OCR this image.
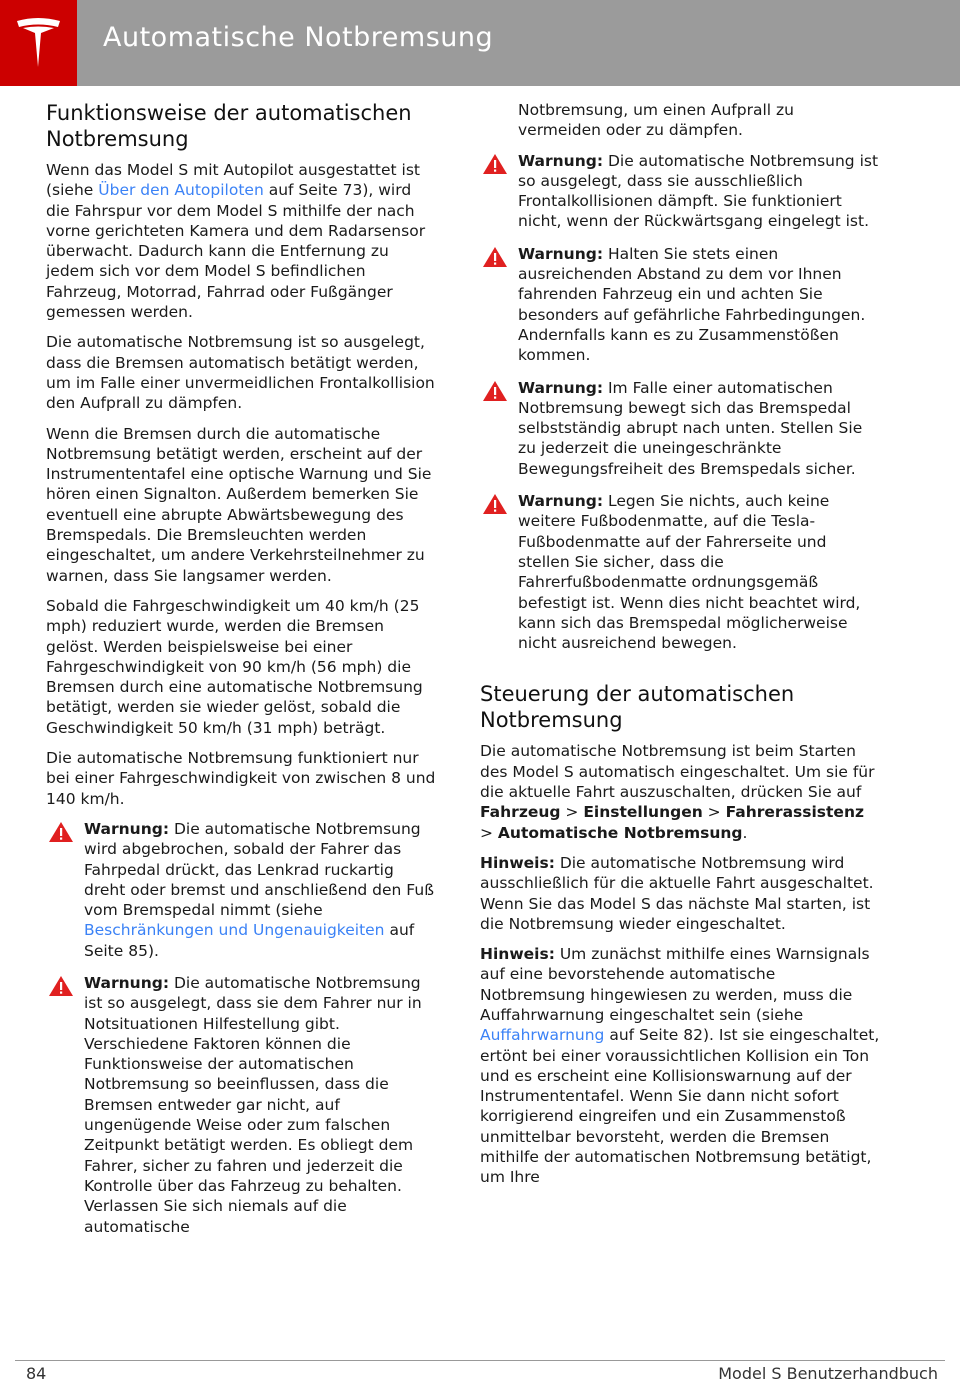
Automatische Notbremsung
Funktionsweise der automatischen Notbremsung

Wenn das Model S mit Autopilot ausgestattet ist (siehe Über den Autopiloten auf Seite 73), wird die Fahrspur vor dem Model S mithilfe der nach vorne gerichteten Kamera und dem Radarsensor überwacht. Dadurch kann die Entfernung zu jedem sich vor dem Model S befindlichen Fahrzeug, Motorrad, Fahrrad oder Fußgänger gemessen werden.

Die automatische Notbremsung ist so ausgelegt, dass die Bremsen automatisch betätigt werden, um im Falle einer unvermeidlichen Frontalkollision den Aufprall zu dämpfen.

Wenn die Bremsen durch die automatische Notbremsung betätigt werden, erscheint auf der Instrumententafel eine optische Warnung und Sie hören einen Signalton. Außerdem bemerken Sie eventuell eine abrupte Abwärtsbewegung des Bremspedals. Die Bremsleuchten werden eingeschaltet, um andere Verkehrsteilnehmer zu warnen, dass Sie langsamer werden.

Sobald die Fahrgeschwindigkeit um 40 km/h (25 mph) reduziert wurde, werden die Bremsen gelöst. Werden beispielsweise bei einer Fahrgeschwindigkeit von 90 km/h (56 mph) die Bremsen durch eine automatische Notbremsung betätigt, werden sie wieder gelöst, sobald die Geschwindigkeit 50 km/h (31 mph) beträgt.

Die automatische Notbremsung funktioniert nur bei einer Fahrgeschwindigkeit von zwischen 8 und 140 km/h.

Warnung: Die automatische Notbremsung wird abgebrochen, sobald der Fahrer das Fahrpedal drückt, das Lenkrad ruckartig dreht oder bremst und anschließend den Fuß vom Bremspedal nimmt (siehe Beschränkungen und Ungenauigkeiten auf Seite 85).

Warnung: Die automatische Notbremsung ist so ausgelegt, dass sie dem Fahrer nur in Notsituationen Hilfestellung gibt. Verschiedene Faktoren können die Funktionsweise der automatischen Notbremsung so beeinflussen, dass die Bremsen entweder gar nicht, auf ungenügende Weise oder zum falschen Zeitpunkt betätigt werden. Es obliegt dem Fahrer, sicher zu fahren und jederzeit die Kontrolle über das Fahrzeug zu behalten. Verlassen Sie sich niemals auf die automatische

Notbremsung, um einen Aufprall zu vermeiden oder zu dämpfen.

Warnung: Die automatische Notbremsung ist so ausgelegt, dass sie ausschließlich Frontalkollisionen dämpft. Sie funktioniert nicht, wenn der Rückwärtsgang eingelegt ist.

Warnung: Halten Sie stets einen ausreichenden Abstand zu dem vor Ihnen fahrenden Fahrzeug ein und achten Sie besonders auf gefährliche Fahrbedingungen. Andernfalls kann es zu Zusammenstößen kommen.

Warnung: Im Falle einer automatischen Notbremsung bewegt sich das Bremspedal selbstständig abrupt nach unten. Stellen Sie zu jederzeit die uneingeschränkte Bewegungsfreiheit des Bremspedals sicher.

Warnung: Legen Sie nichts, auch keine weitere Fußbodenmatte, auf die Tesla-Fußbodenmatte auf der Fahrerseite und stellen Sie sicher, dass die Fahrerfußbodenmatte ordnungsgemäß befestigt ist. Wenn dies nicht beachtet wird, kann sich das Bremspedal möglicherweise nicht ausreichend bewegen.

Steuerung der automatischen Notbremsung

Die automatische Notbremsung ist beim Starten des Model S automatisch eingeschaltet. Um sie für die aktuelle Fahrt auszuschalten, drücken Sie auf Fahrzeug > Einstellungen > Fahrerassistenz > Automatische Notbremsung.

Hinweis: Die automatische Notbremsung wird ausschließlich für die aktuelle Fahrt ausgeschaltet. Wenn Sie das Model S das nächste Mal starten, ist die Notbremsung wieder eingeschaltet.

Hinweis: Um zunächst mithilfe eines Warnsignals auf eine bevorstehende automatische Notbremsung hingewiesen zu werden, muss die Auffahrwarnung eingeschaltet sein (siehe Auffahrwarnung auf Seite 82). Ist sie eingeschaltet, ertönt bei einer voraussichtlichen Kollision ein Ton und es erscheint eine Kollisionswarnung auf der Instrumententafel. Wenn Sie dann nicht sofort korrigierend eingreifen und ein Zusammenstoß unmittelbar bevorsteht, werden die Bremsen mithilfe der automatischen Notbremsung betätigt, um Ihre

84	Model S Benutzerhandbuch
